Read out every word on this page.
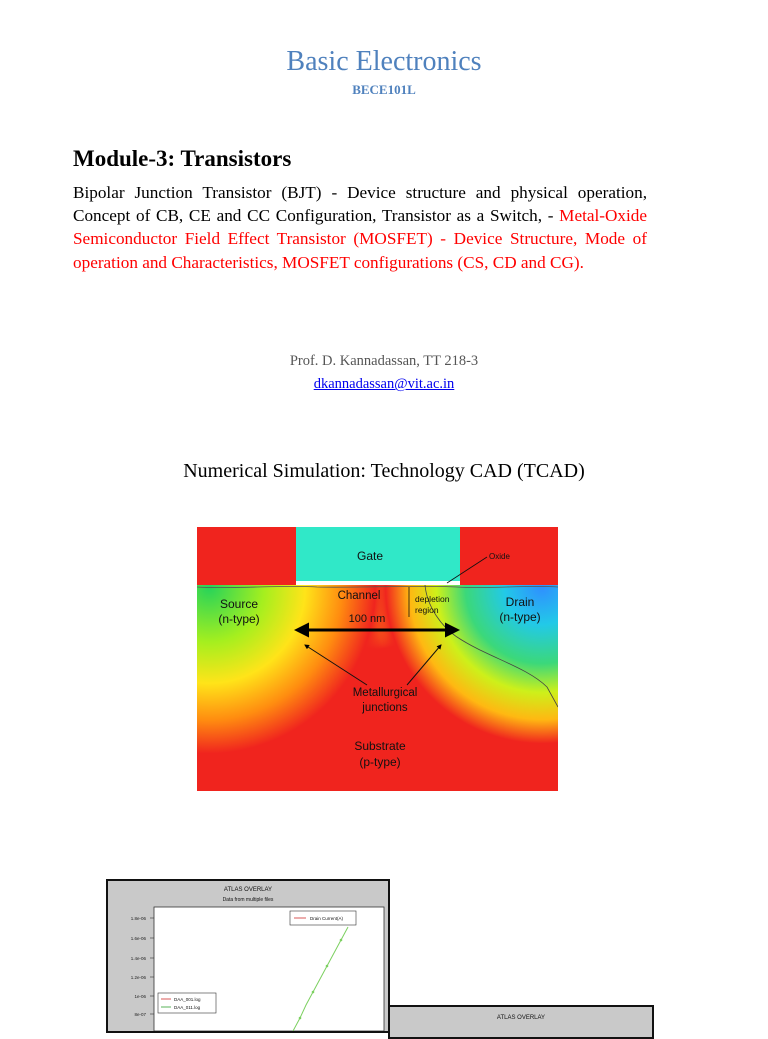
Basic Electronics
BECE101L
Module-3: Transistors
Bipolar Junction Transistor (BJT) - Device structure and physical operation, Concept of CB, CE and CC Configuration, Transistor as a Switch, - Metal-Oxide Semiconductor Field Effect Transistor (MOSFET) - Device Structure, Mode of operation and Characteristics, MOSFET configurations (CS, CD and CG).
Prof. D. Kannadassan, TT 218-3
dkannadassan@vit.ac.in
Numerical Simulation: Technology CAD (TCAD)
Gate	Oxide
Channel
100 nm
depletion
region
Source
(n-type)
Drain
(n-type)
Metallurgical
junctions
Substrate
(p-type)
ATLAS OVERLAY
Data from multiple files
1.8e-06
1.6e-06
1.4e-06
1.2e-06
1e-06
8e-07
Drain Current(A)
DAA_001.log
DAA_011.log
ATLAS OVERLAY
